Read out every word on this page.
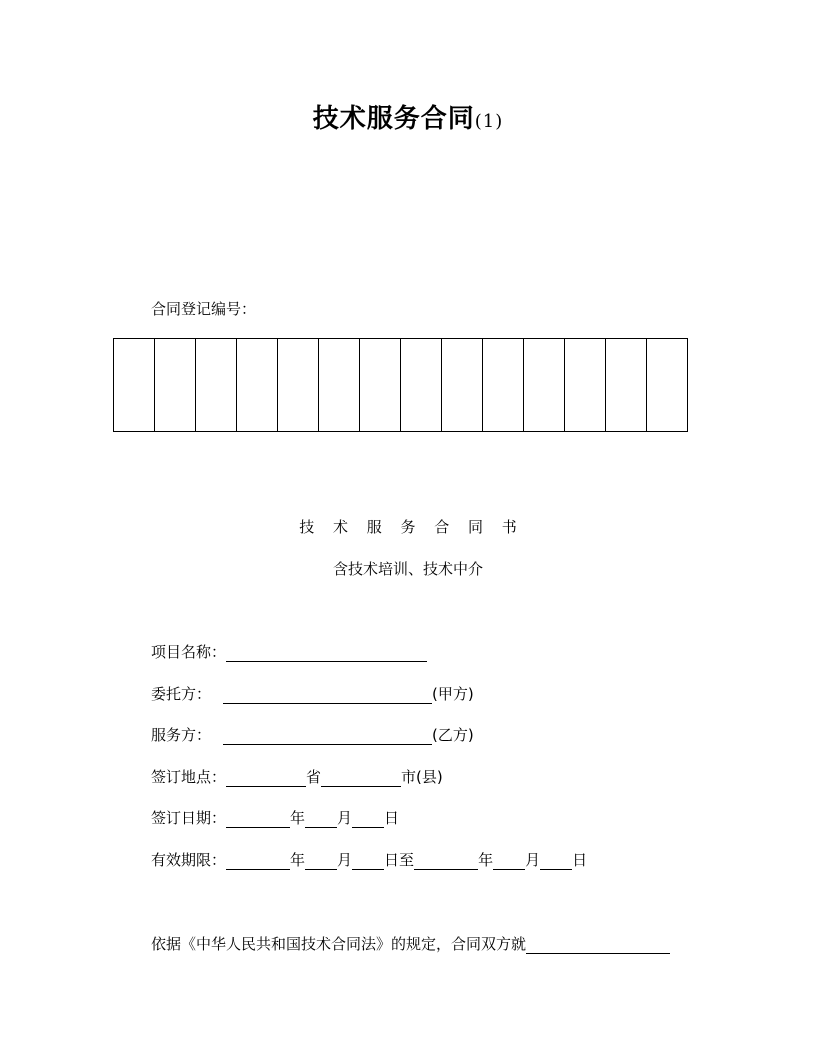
技术服务合同(1)
合同登记编号：

技 术 服 务 合 同 书
含技术培训、技术中介
项目名称：
委托方：	(甲方)
服务方：	(乙方)
签订地点：	省	市(县)
签订日期：	年 月 日
有效期限：	年 月 日至	年 月 日
依据《中华人民共和国技术合同法》的规定，合同双方就
